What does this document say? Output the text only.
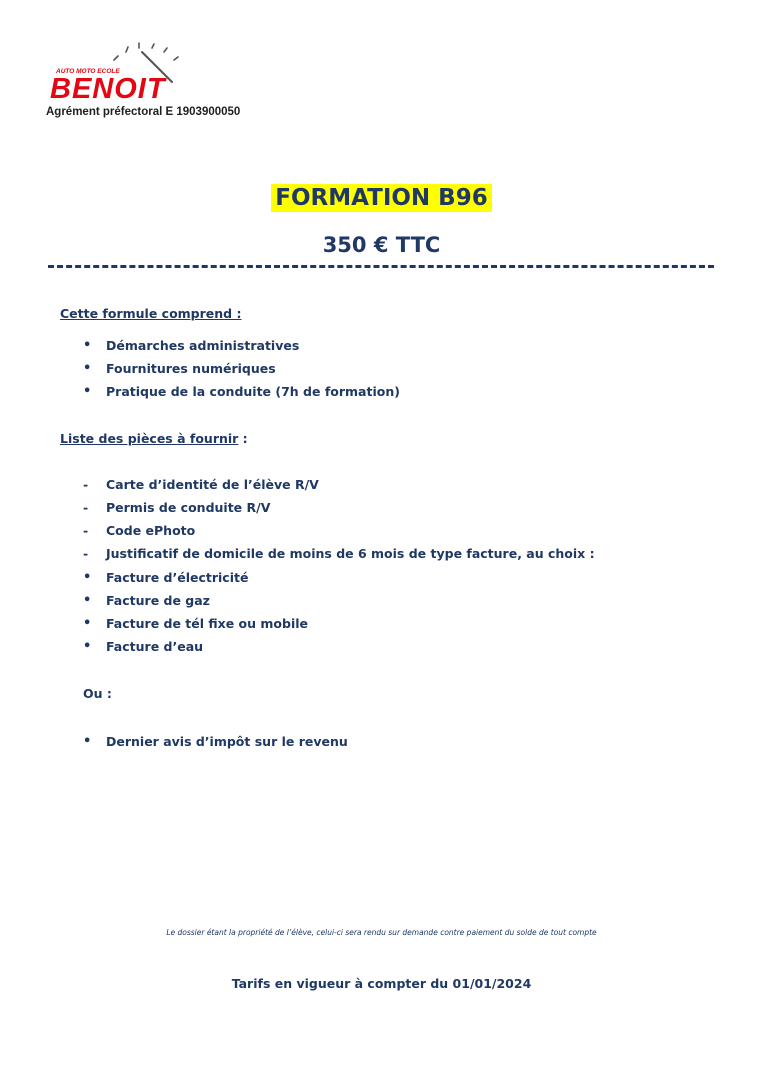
AUTO MOTO ECOLE
BENOIT
Agrément préfectoral E 1903900050
FORMATION B96
350 € TTC
Cette formule comprend :
•	Démarches administratives
•	Fournitures numériques
•	Pratique de la conduite (7h de formation)
Liste des pièces à fournir :
-	Carte d’identité de l’élève R/V
-	Permis de conduite R/V
-	Code ePhoto
-	Justificatif de domicile de moins de 6 mois de type facture, au choix :
•	Facture d’électricité
•	Facture de gaz
•	Facture de tél fixe ou mobile
•	Facture d’eau
Ou :
•	Dernier avis d’impôt sur le revenu
Le dossier étant la propriété de l’élève, celui-ci sera rendu sur demande contre paiement du solde de tout compte
Tarifs en vigueur à compter du 01/01/2024
